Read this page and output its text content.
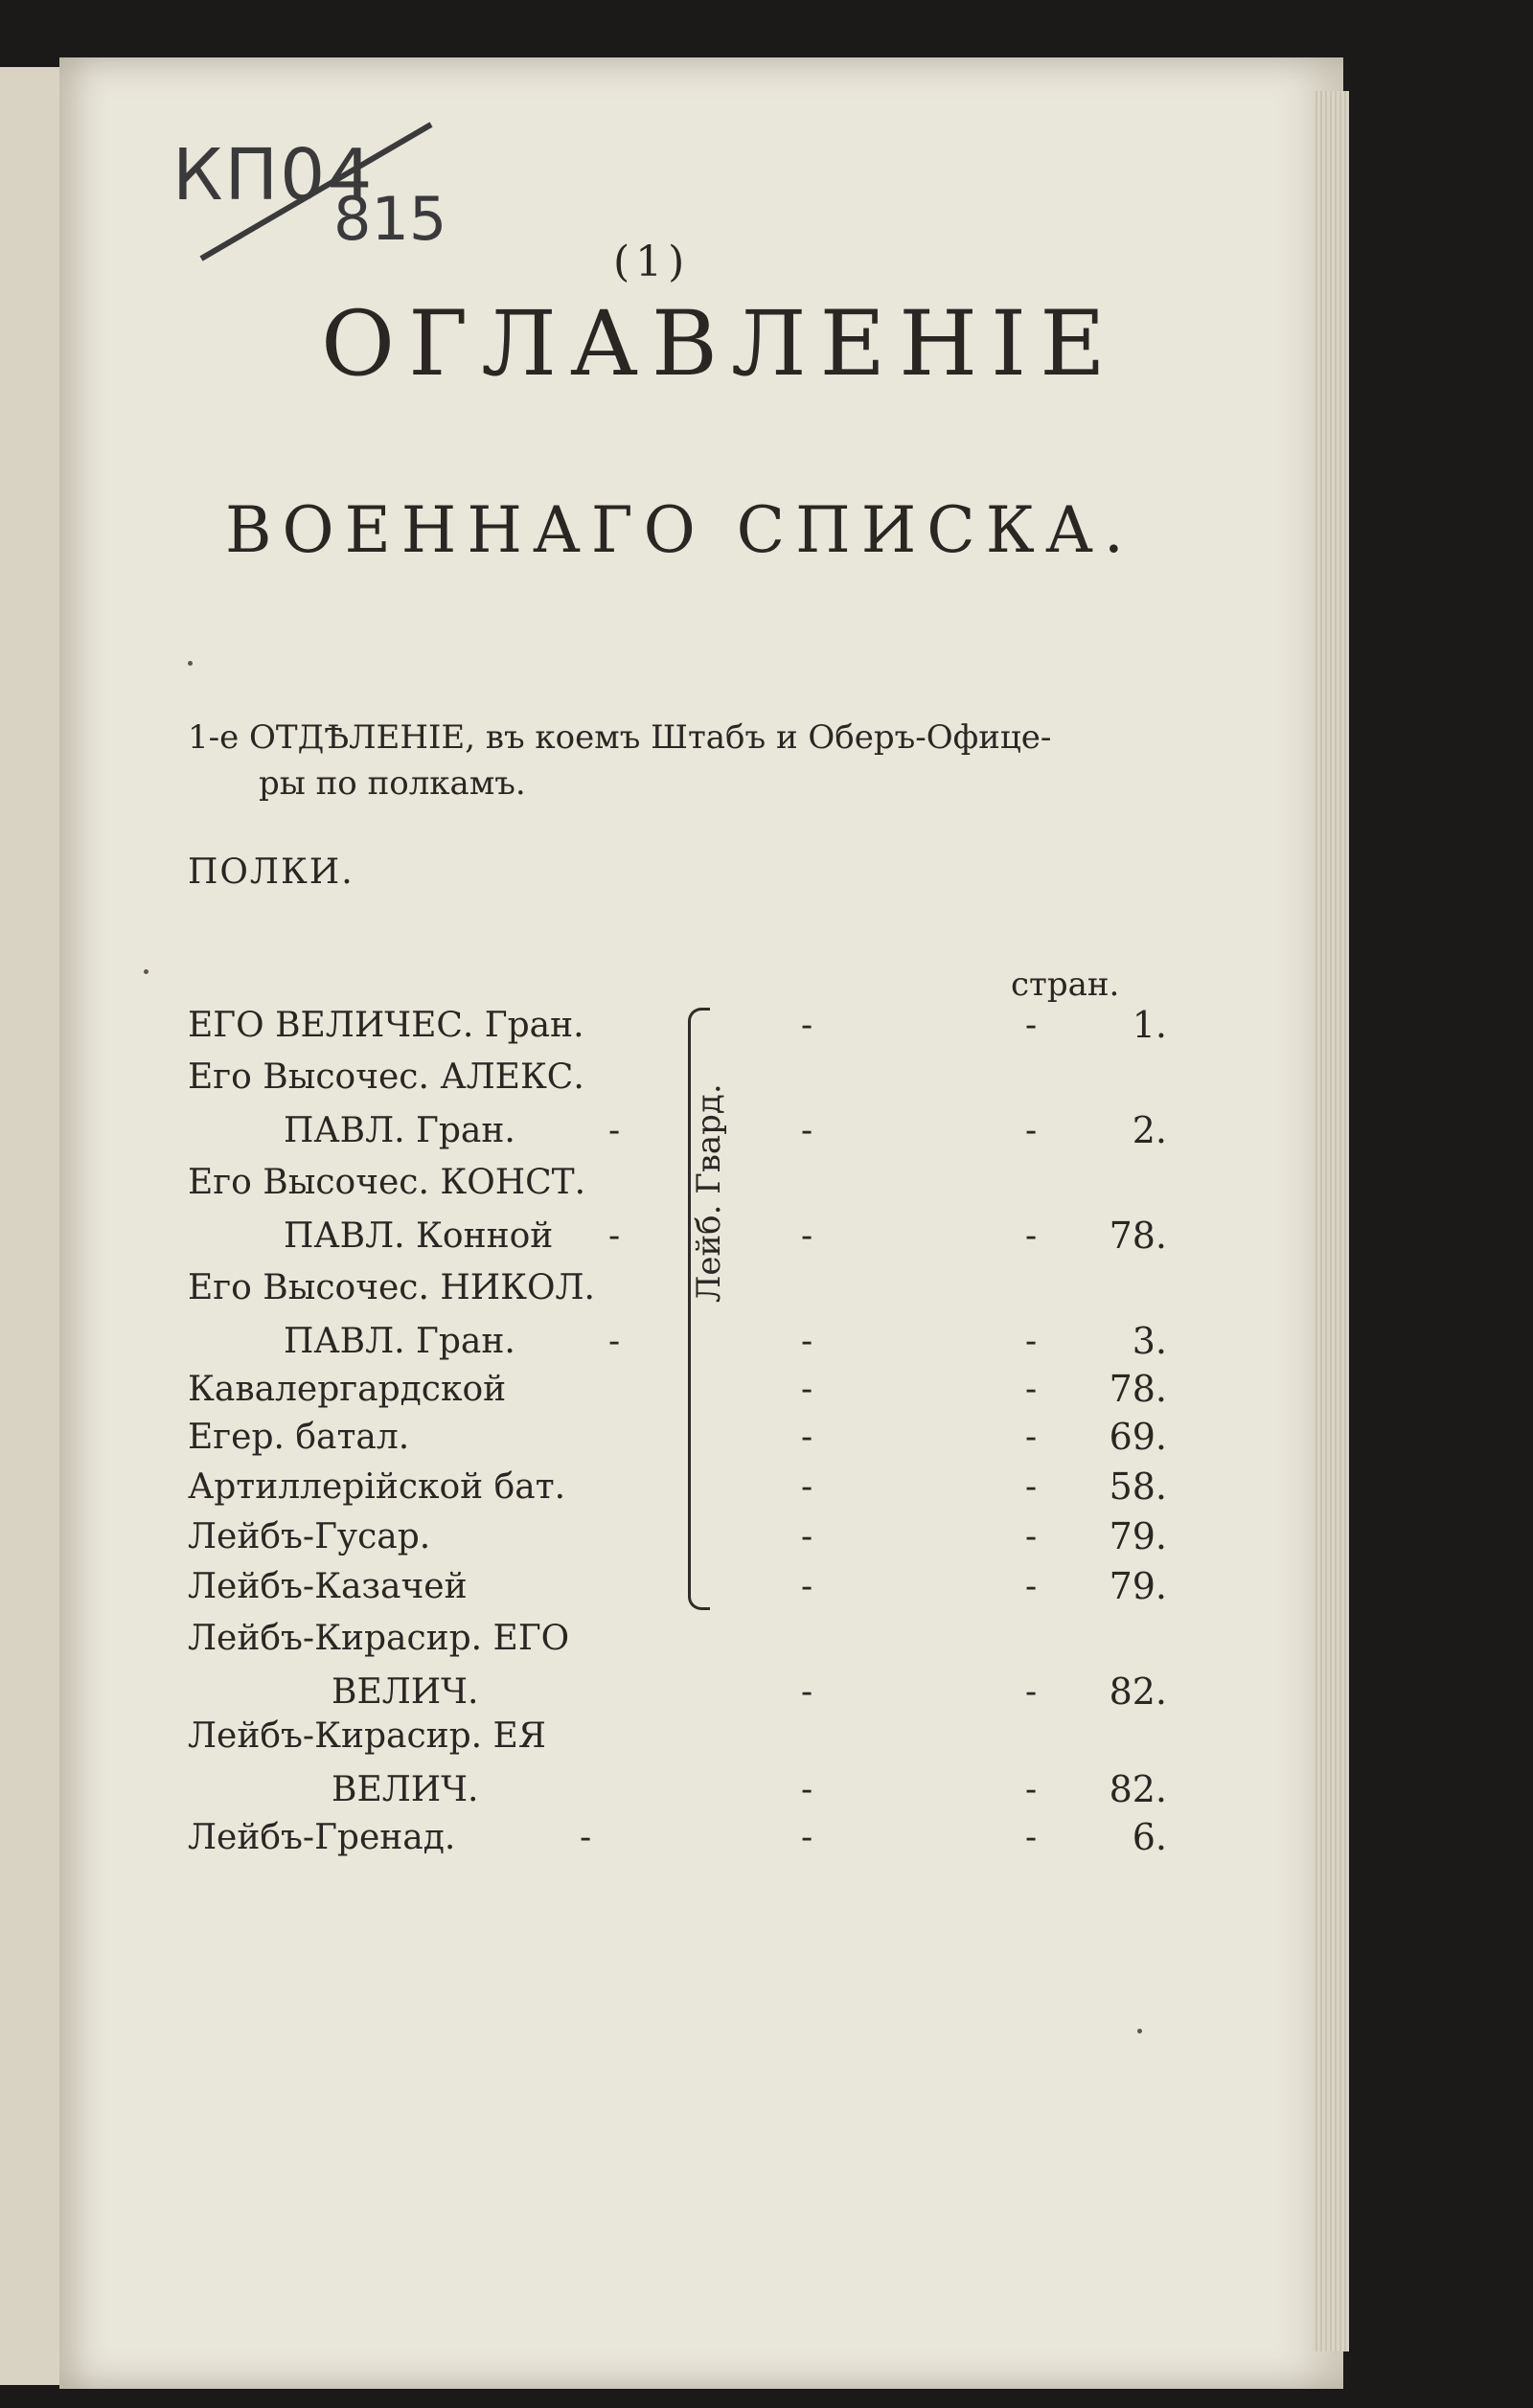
КП04
815
(1)
ОГЛАВЛЕНIЕ
ВОЕННАГО СПИСКА.
1-е ОТДѢЛЕНIЕ, въ коемъ Штабъ и Оберъ-Офице-
ры по полкамъ.
ПОЛКИ.
стран.
Лейб. Гвард.
ЕГО ВЕЛИЧЕС. Гран.	-	-	1.
Его Высочес. АЛЕКС.
ПАВЛ. Гран.	-	-	-	2.
Его Высочес. КОНСТ.
ПАВЛ. Конной -	-	-	78.
Его Высочес. НИКОЛ.
ПАВЛ. Гран.	-	-	-	3.
Кавалергардской	-	-	78.
Егер. батал.	-	-	69.
Артиллерiйской бат.	-	-	58.
Лейбъ-Гусар.	-	-	79.
Лейбъ-Казачей	-	-	79.
Лейбъ-Кирасир. ЕГО
ВЕЛИЧ.	-	-	82.
Лейбъ-Кирасир. ЕЯ
ВЕЛИЧ.	-	-	82.
Лейбъ-Гренад.	-	-	-	6.
